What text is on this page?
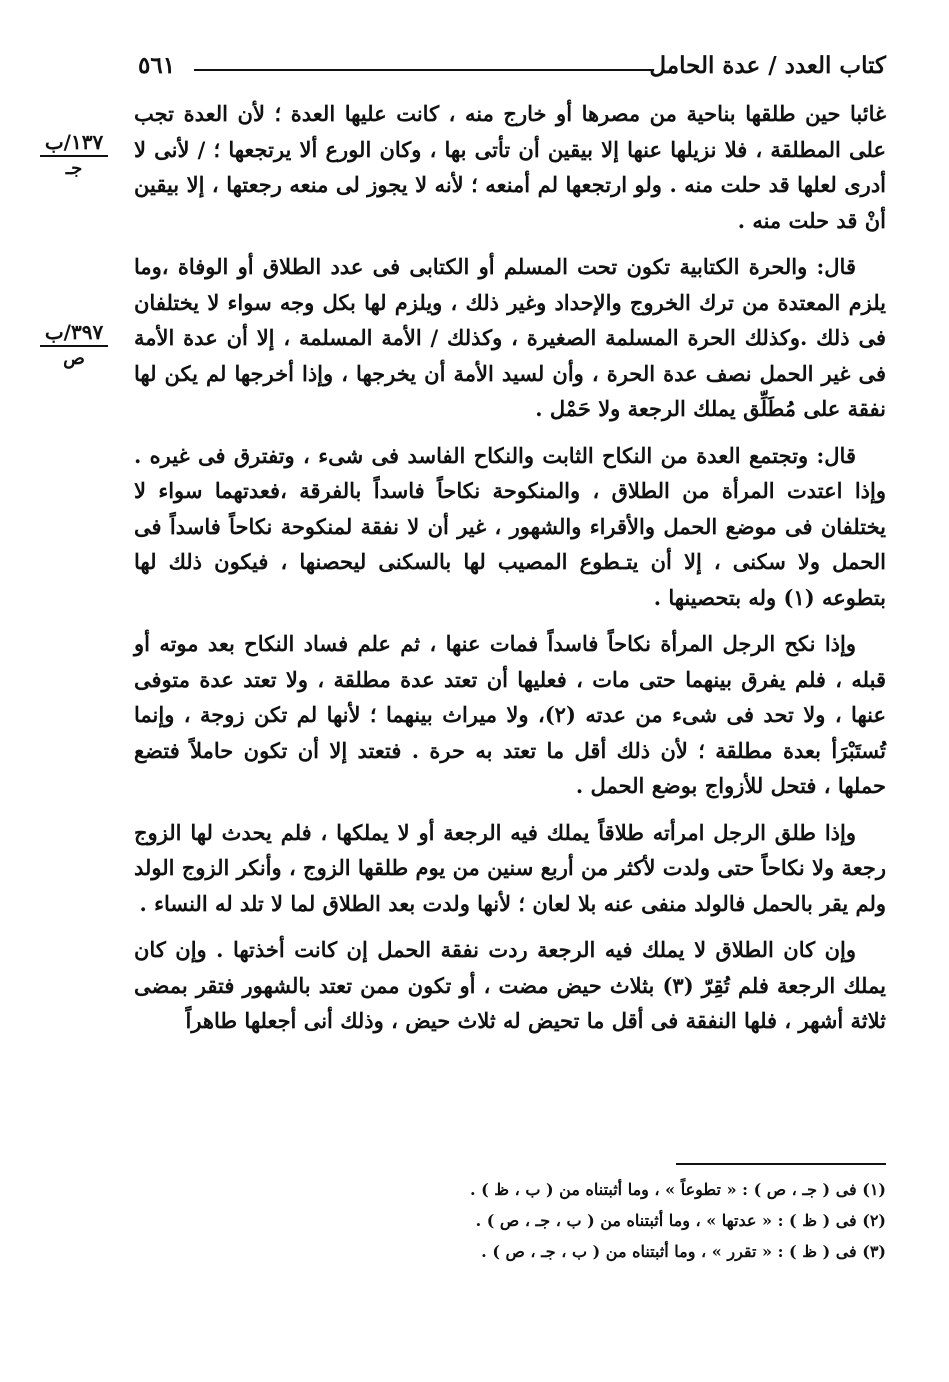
كتاب العدد / عدة الحامل
٥٦١
١٣٧/ب
جـ
٣٩٧/ب
ص

غائبا حين طلقها بناحية من مصرها أو خارج منه ، كانت عليها العدة ؛ لأن العدة تجب على المطلقة ، فلا نزيلها عنها إلا بيقين أن تأتى بها ، وكان الورع ألا يرتجعها ؛ / لأنى لا أدرى لعلها قد حلت منه . ولو ارتجعها لم أمنعه ؛ لأنه لا يجوز لى منعه رجعتها ، إلا بيقين أنْ قد حلت منه .

قال: والحرة الكتابية تكون تحت المسلم أو الكتابى فى عدد الطلاق أو الوفاة ،وما يلزم المعتدة من ترك الخروج والإحداد وغير ذلك ، ويلزم لها بكل وجه سواء لا يختلفان فى ذلك .وكذلك الحرة المسلمة الصغيرة ، وكذلك / الأمة المسلمة ، إلا أن عدة الأمة فى غير الحمل نصف عدة الحرة ، وأن لسيد الأمة أن يخرجها ، وإذا أخرجها لم يكن لها نفقة على مُطَلِّق يملك الرجعة ولا حَمْل .

قال: وتجتمع العدة من النكاح الثابت والنكاح الفاسد فى شىء ، وتفترق فى غيره . وإذا اعتدت المرأة من الطلاق ، والمنكوحة نكاحاً فاسداً بالفرقة ،فعدتهما سواء لا يختلفان فى موضع الحمل والأقراء والشهور ، غير أن لا نفقة لمنكوحة نكاحاً فاسداً فى الحمل ولا سكنى ، إلا أن يتـطوع المصيب لها بالسكنى ليحصنها ، فيكون ذلك لها بتطوعه (١) وله بتحصينها .

وإذا نكح الرجل المرأة نكاحاً فاسداً فمات عنها ، ثم علم فساد النكاح بعد موته أو قبله ، فلم يفرق بينهما حتى مات ، فعليها أن تعتد عدة مطلقة ، ولا تعتد عدة متوفى عنها ، ولا تحد فى شىء من عدته (٢)، ولا ميراث بينهما ؛ لأنها لم تكن زوجة ، وإنما تُستَبْرَأ بعدة مطلقة ؛ لأن ذلك أقل ما تعتد به حرة . فتعتد إلا أن تكون حاملاً فتضع حملها ، فتحل للأزواج بوضع الحمل .

وإذا طلق الرجل امرأته طلاقاً يملك فيه الرجعة أو لا يملكها ، فلم يحدث لها الزوج رجعة ولا نكاحاً حتى ولدت لأكثر من أربع سنين من يوم طلقها الزوج ، وأنكر الزوج الولد ولم يقر بالحمل فالولد منفى عنه بلا لعان ؛ لأنها ولدت بعد الطلاق لما لا تلد له النساء .

وإن كان الطلاق لا يملك فيه الرجعة ردت نفقة الحمل إن كانت أخذتها . وإن كان يملك الرجعة فلم تُقِرّ (٣) بثلاث حيض مضت ، أو تكون ممن تعتد بالشهور فتقر بمضى ثلاثة أشهر ، فلها النفقة فى أقل ما تحيض له ثلاث حيض ، وذلك أنى أجعلها طاهراً

(١) فى ( جـ ، ص ) : « تطوعاً » ، وما أثبتناه من ( ب ، ظ ) .
(٢) فى ( ظ ) : « عدتها » ، وما أثبتناه من ( ب ، جـ ، ص ) .
(٣) فى ( ظ ) : « تقرر » ، وما أثبتناه من ( ب ، جـ ، ص ) .
